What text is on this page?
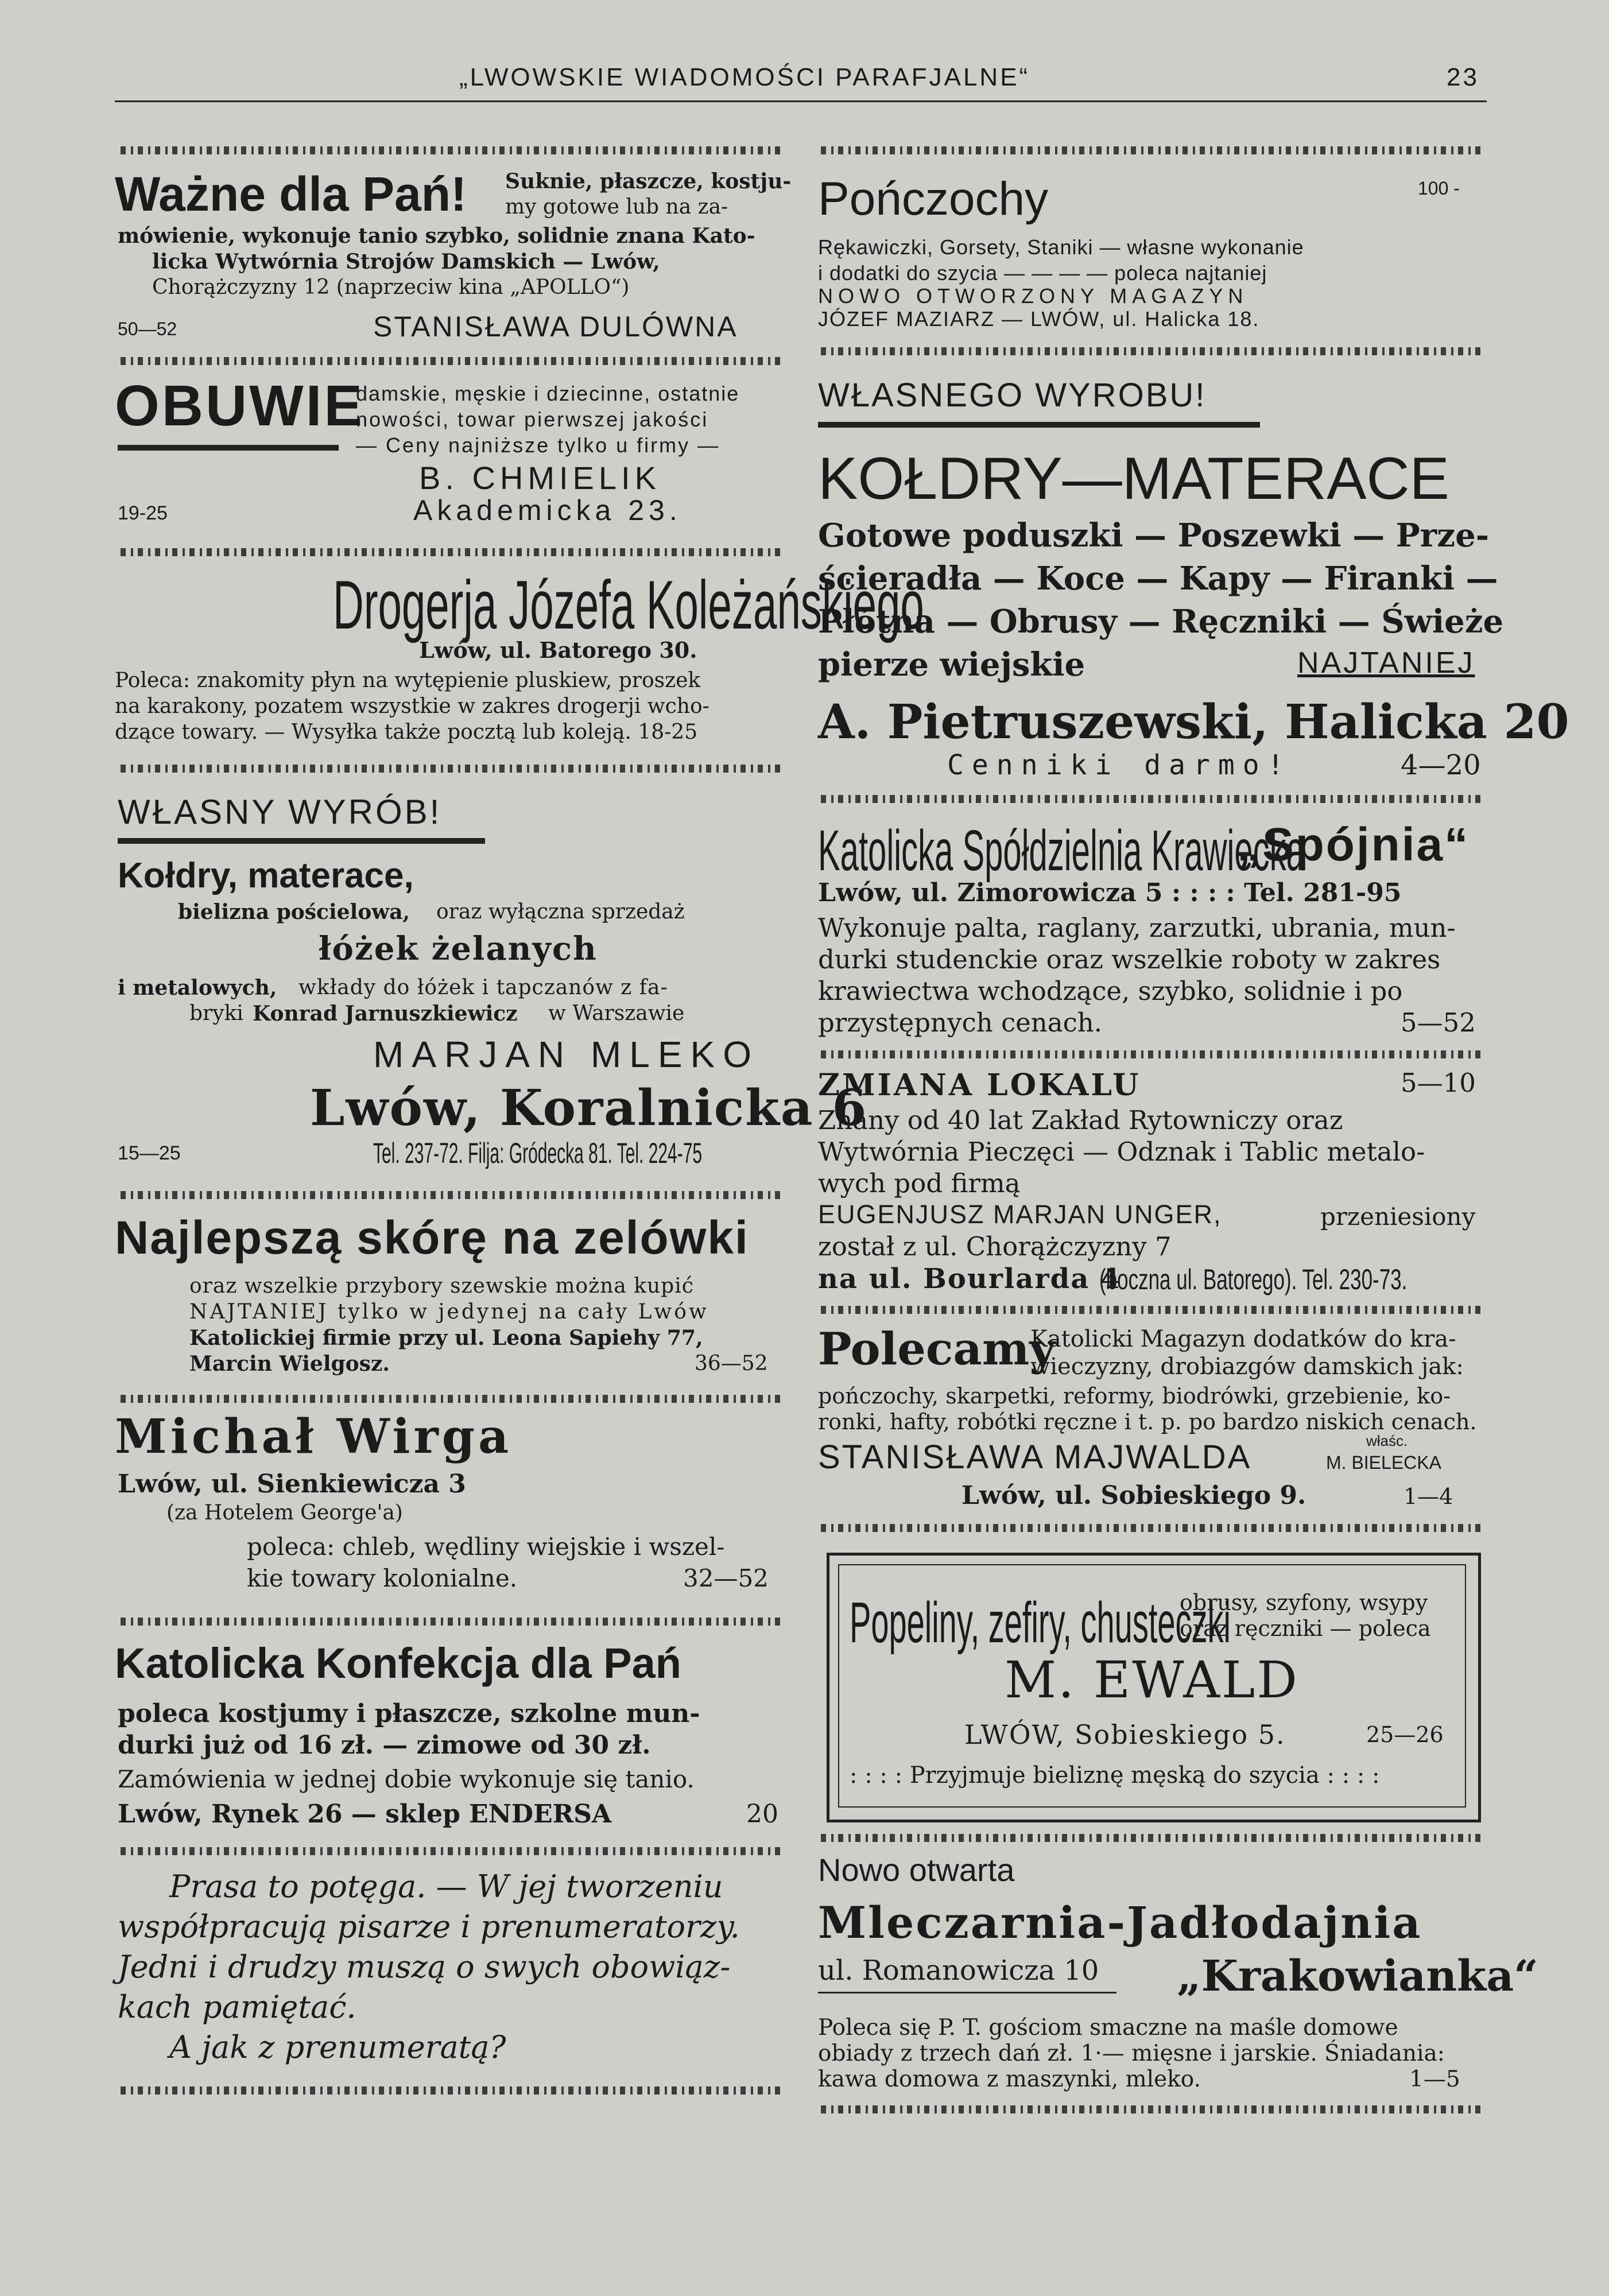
„LWOWSKIE WIADOMOŚCI PARAFJALNE“	23
Ważne dla Pań! Suknie, płaszcze, kostju-
my gotowe lub na za-
mówienie, wykonuje tanio szybko, solidnie znana Kato-
licka Wytwórnia Strojów Damskich — Lwów,
Chorążczyzny 12 (naprzeciw kina „APOLLO“)
50—52	STANISŁAWA DULÓWNA
OBUWIE
damskie, męskie i dziecinne, ostatnie
nowości, towar pierwszej jakości
— Ceny najniższe tylko u firmy —
B. CHMIELIK
19-25	Akademicka 23.
Drogerja Józefa Koleżańskiego
Lwów, ul. Batorego 30.
Poleca: znakomity płyn na wytępienie pluskiew, proszek
na karakony, pozatem wszystkie w zakres drogerji wcho-
dzące towary. — Wysyłka także pocztą lub koleją. 18-25
WŁASNY WYRÓB!
Kołdry, materace,
bielizna pościelowa, oraz wyłączna sprzedaż
łóżek żelanych
i metalowych, wkłady do łóżek i tapczanów z fa-
bryki Konrad Jarnuszkiewicz w Warszawie
MARJAN MLEKO
Lwów, Koralnicka 6
15—25	Tel. 237-72. Filja: Gródecka 81. Tel. 224-75
Najlepszą skórę na zelówki
oraz wszelkie przybory szewskie można kupić
NAJTANIEJ tylko w jedynej na cały Lwów
Katolickiej firmie przy ul. Leona Sapiehy 77,
Marcin Wielgosz.	36—52
Michał Wirga
Lwów, ul. Sienkiewicza 3
(za Hotelem George'a)
poleca: chleb, wędliny wiejskie i wszel-
kie towary kolonialne.	32—52
Katolicka Konfekcja dla Pań
poleca kostjumy i płaszcze, szkolne mun-
durki już od 16 zł. — zimowe od 30 zł.
Zamówienia w jednej dobie wykonuje się tanio.
Lwów, Rynek 26 — sklep ENDERSA	20
Prasa to potęga. — W jej tworzeniu
współpracują pisarze i prenumeratorzy.
Jedni i drudzy muszą o swych obowiąz-
kach pamiętać.
A jak z prenumeratą?
Pończochy	100 -
Rękawiczki, Gorsety, Staniki — własne wykonanie
i dodatki do szycia — — — — poleca najtaniej
NOWO OTWORZONY MAGAZYN
JÓZEF MAZIARZ — LWÓW, ul. Halicka 18.
WŁASNEGO WYROBU!
KOŁDRY—MATERACE
Gotowe poduszki — Poszewki — Prze-
ścieradła — Koce — Kapy — Firanki —
Płótna — Obrusy — Ręczniki — Świeże
pierze wiejskie	NAJTANIEJ
A. Pietruszewski, Halicka 20
Cenniki darmo!	4—20
Katolicka Spółdzielnia Krawiecka
„Spójnia“
Lwów, ul. Zimorowicza 5 : : : : Tel. 281-95
Wykonuje palta, raglany, zarzutki, ubrania, mun-
durki studenckie oraz wszelkie roboty w zakres
krawiectwa wchodzące, szybko, solidnie i po
przystępnych cenach.	5—52
ZMIANA LOKALU	5—10
Znany od 40 lat Zakład Rytowniczy oraz
Wytwórnia Pieczęci — Odznak i Tablic metalo-
wych pod firmą
EUGENJUSZ MARJAN UNGER,	przeniesiony
został z ul. Chorążczyzny 7
na ul. Bourlarda 4
(boczna ul. Batorego). Tel. 230-73.
Polecamy
Katolicki Magazyn dodatków do kra-
wieczyzny, drobiazgów damskich jak:
pończochy, skarpetki, reformy, biodrówki, grzebienie, ko-
ronki, hafty, robótki ręczne i t. p. po bardzo niskich cenach.
STANISŁAWA MAJWALDA	właśc.
M. BIELECKA
Lwów, ul. Sobieskiego 9.	1—4
Popeliny, zefiry, chusteczki
obrusy, szyfony, wsypy
oraz ręczniki — poleca
M. EWALD
LWÓW, Sobieskiego 5.	25—26
: : : : Przyjmuje bieliznę męską do szycia : : : :
Nowo otwarta
Mleczarnia-Jadłodajnia
ul. Romanowicza 10 „Krakowianka“
Poleca się P. T. gościom smaczne na maśle domowe
obiady z trzech dań zł. 1·— mięsne i jarskie. Śniadania:
kawa domowa z maszynki, mleko.	1—5
